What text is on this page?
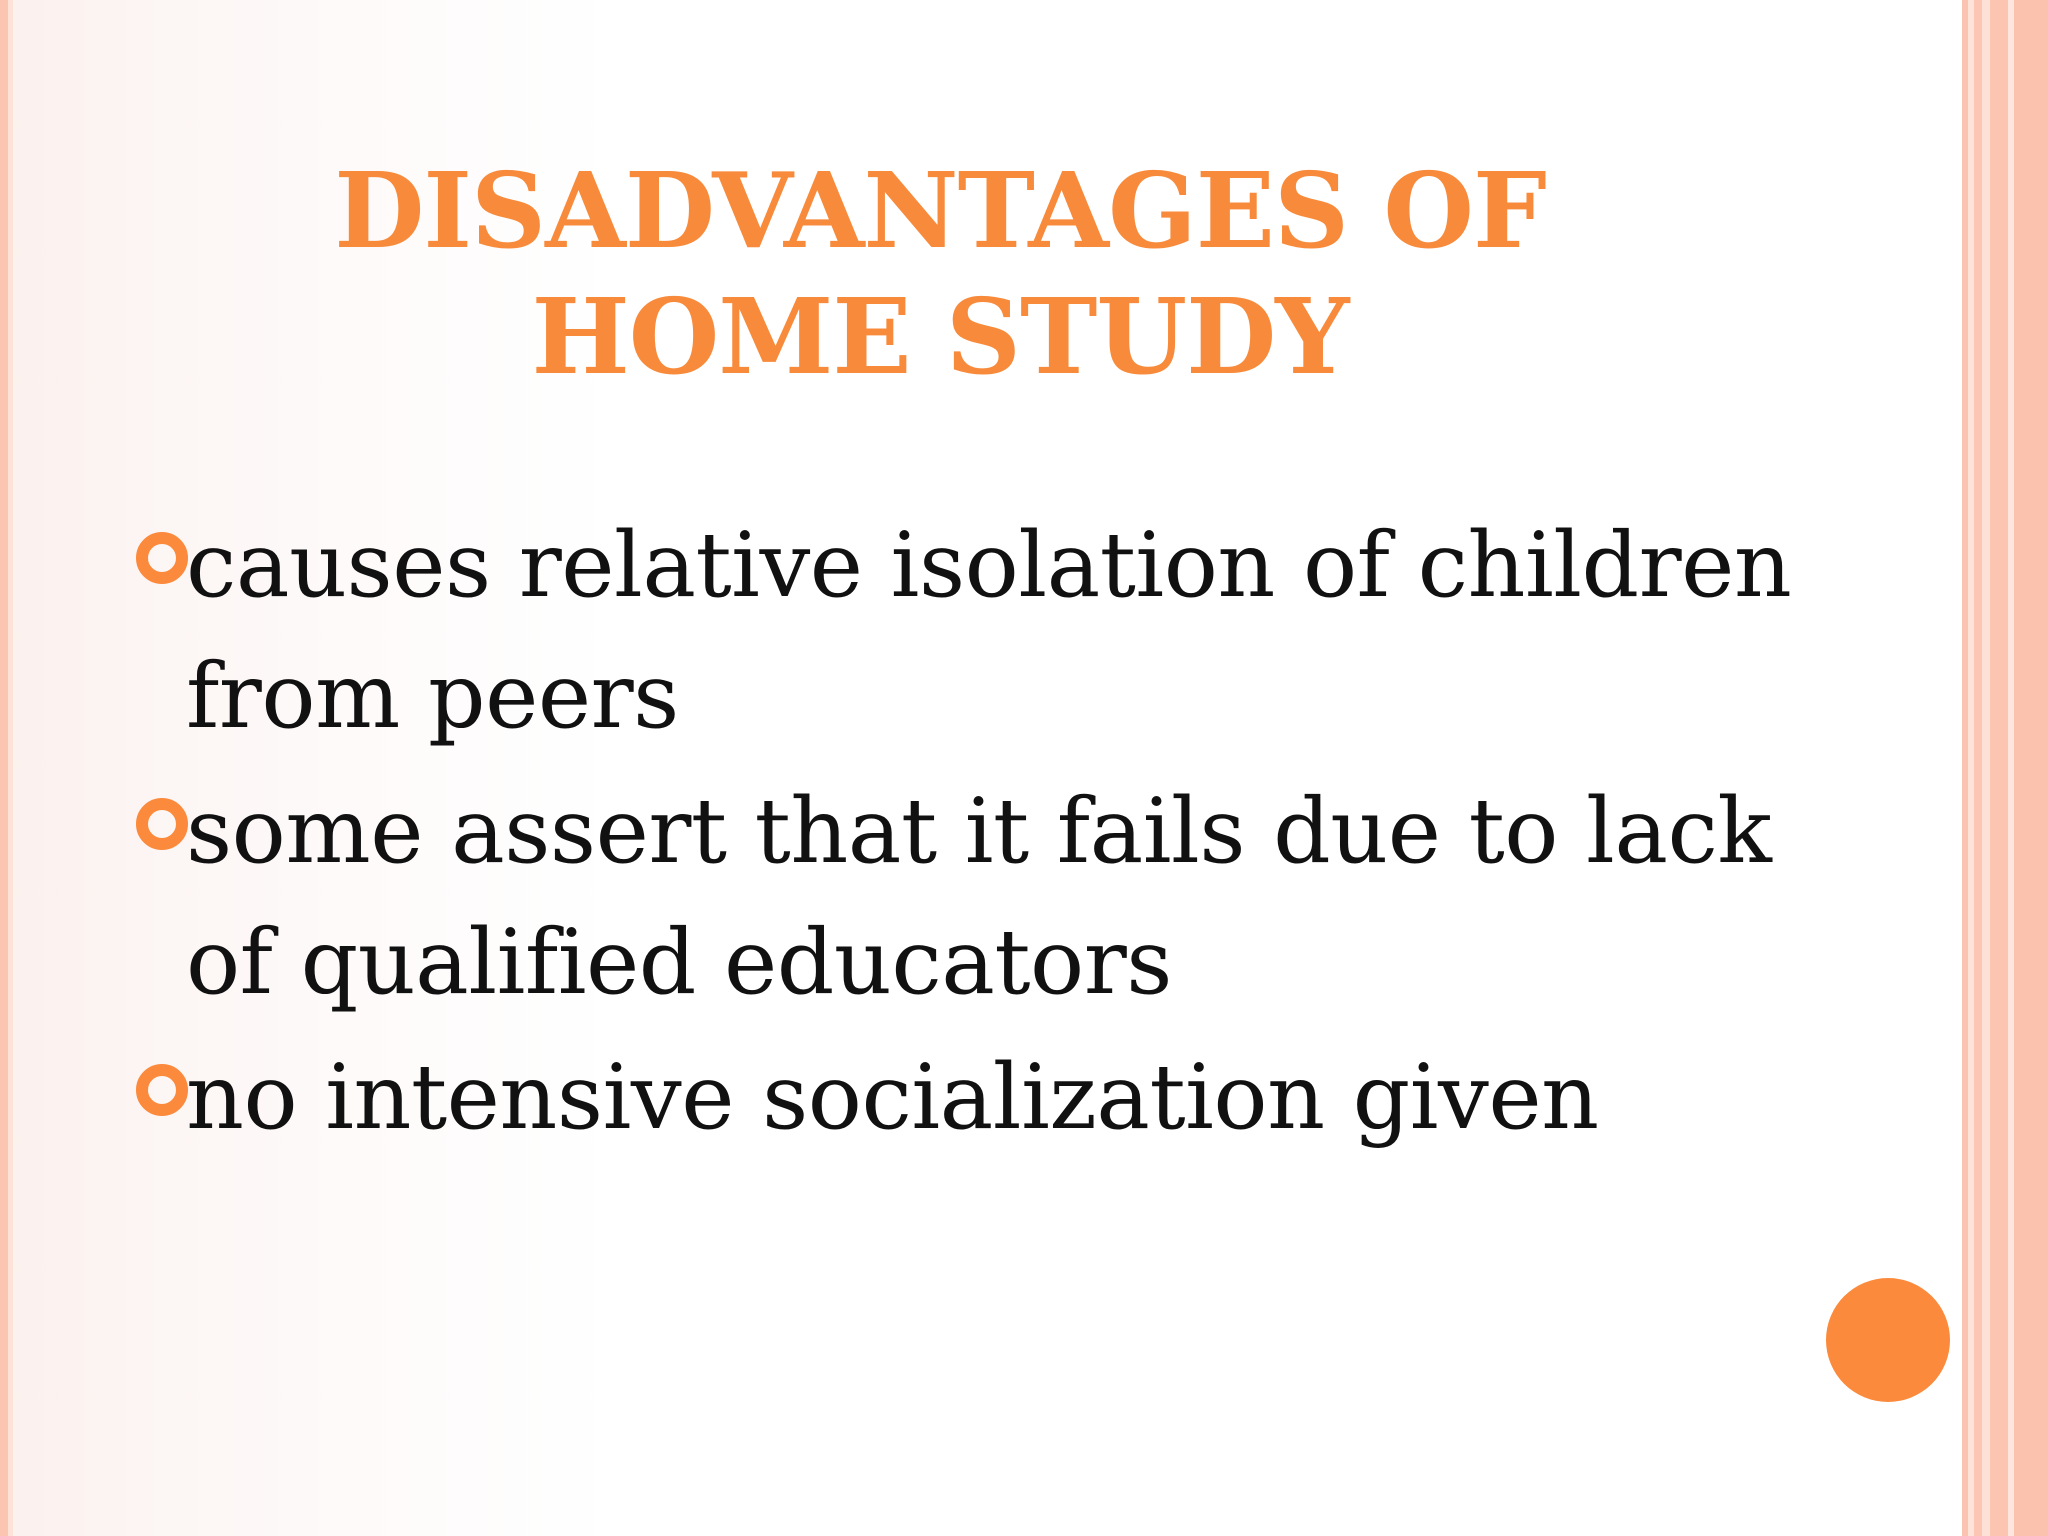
DISADVANTAGES OF
HOME STUDY
causes relative isolation of children from peers
some assert that it fails due to lack of qualified educators
no intensive socialization given
